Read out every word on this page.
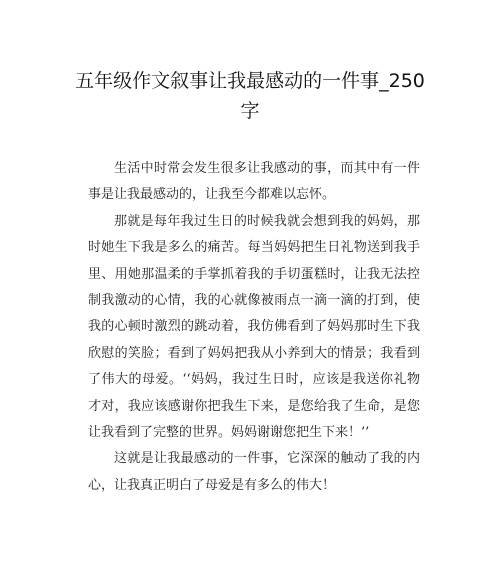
五年级作文叙事让我最感动的一件事_250 字

生活中时常会发生很多让我感动的事，而其中有一件事是让我最感动的，让我至今都难以忘怀。

那就是每年我过生日的时候我就会想到我的妈妈，那时她生下我是多么的痛苦。每当妈妈把生日礼物送到我手里、用她那温柔的手掌抓着我的手切蛋糕时，让我无法控制我激动的心情，我的心就像被雨点一滴一滴的打到，使我的心顿时激烈的跳动着，我仿佛看到了妈妈那时生下我欣慰的笑脸；看到了妈妈把我从小养到大的情景；我看到了伟大的母爱。‘‘妈妈，我过生日时，应该是我送你礼物才对，我应该感谢你把我生下来，是您给我了生命，是您让我看到了完整的世界。妈妈谢谢您把生下来！’’

这就是让我最感动的一件事，它深深的触动了我的内心，让我真正明白了母爱是有多么的伟大！
